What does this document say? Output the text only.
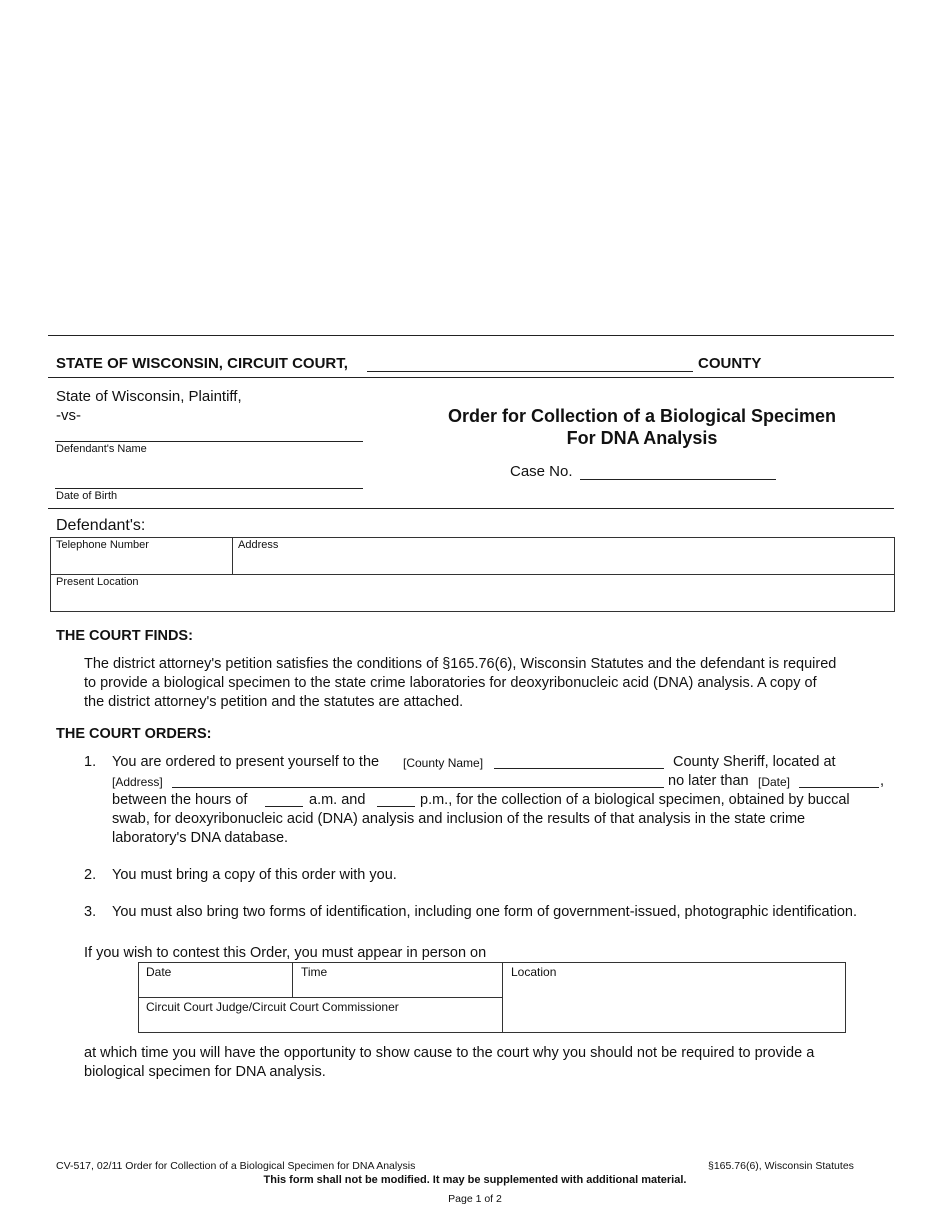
STATE OF WISCONSIN, CIRCUIT COURT,	COUNTY
State of Wisconsin, Plaintiff,
-vs-
Defendant's Name
Date of Birth
Order for Collection of a Biological Specimen
For DNA Analysis
Case No.
Defendant's:
Telephone Number	Address
Present Location
THE COURT FINDS:
The district attorney's petition satisfies the conditions of §165.76(6), Wisconsin Statutes and the defendant is required
to provide a biological specimen to the state crime laboratories for deoxyribonucleic acid (DNA) analysis. A copy of
the district attorney's petition and the statutes are attached.
THE COURT ORDERS:
1. You are ordered to present yourself to the [County Name]	County Sheriff, located at
[Address]	no later than [Date]	,
between the hours of	a.m. and	p.m., for the collection of a biological specimen, obtained by buccal
swab, for deoxyribonucleic acid (DNA) analysis and inclusion of the results of that analysis in the state crime
laboratory's DNA database.
2. You must bring a copy of this order with you.
3. You must also bring two forms of identification, including one form of government-issued, photographic identification.
If you wish to contest this Order, you must appear in person on
Date	Time	Location
Circuit Court Judge/Circuit Court Commissioner
at which time you will have the opportunity to show cause to the court why you should not be required to provide a
biological specimen for DNA analysis.
CV-517, 02/11 Order for Collection of a Biological Specimen for DNA Analysis	§165.76(6), Wisconsin Statutes
This form shall not be modified. It may be supplemented with additional material.
Page 1 of 2
